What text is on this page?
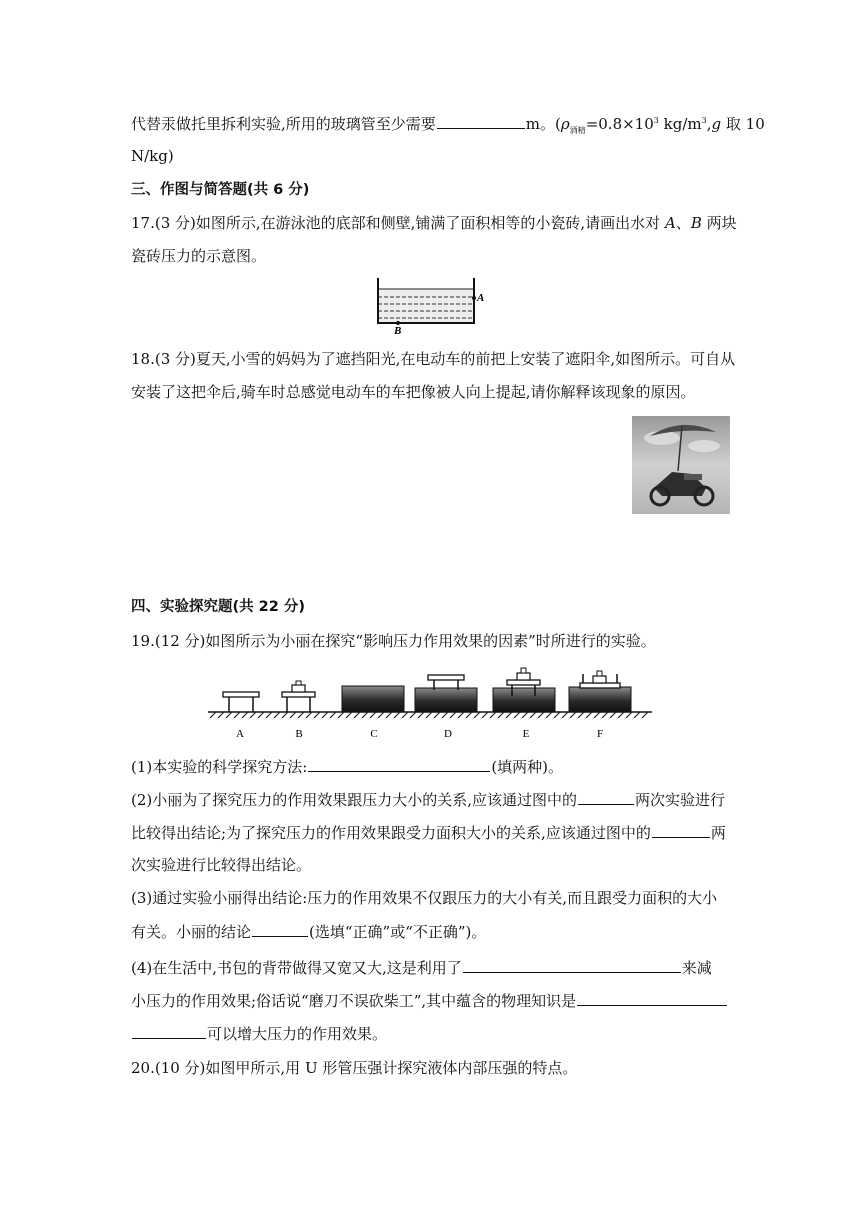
代替汞做托里拆利实验,所用的玻璃管至少需要	m。($\rho_{酒精}=0.8\times 10^3$ $kg/m^3,g$ 取 10
N/kg)
三、作图与简答题(共 6 分)
17.(3 分)如图所示,在游泳池的底部和侧壁,铺满了面积相等的小瓷砖,请画出水对 A、B 两块
瓷砖压力的示意图。
A
B
18.(3 分)夏天,小雪的妈妈为了遮挡阳光,在电动车的前把上安装了遮阳伞,如图所示。可自从
安装了这把伞后,骑车时总感觉电动车的车把像被人向上提起,请你解释该现象的原因。
四、实验探究题(共 22 分)
19.(12 分)如图所示为小丽在探究“影响压力作用效果的因素”时所进行的实验。
A	B	C	D	E	F
(1)本实验的科学探究方法:	(填两种)。
(2)小丽为了探究压力的作用效果跟压力大小的关系,应该通过图中的	两次实验进行
比较得出结论;为了探究压力的作用效果跟受力面积大小的关系,应该通过图中的	两
次实验进行比较得出结论。
(3)通过实验小丽得出结论:压力的作用效果不仅跟压力的大小有关,而且跟受力面积的大小
有关。小丽的结论	(选填“正确”或“不正确”)。
(4)在生活中,书包的背带做得又宽又大,这是利用了	来减
小压力的作用效果;俗话说“磨刀不误砍柴工”,其中蕴含的物理知识是
可以增大压力的作用效果。
20.(10 分)如图甲所示,用 U 形管压强计探究液体内部压强的特点。
